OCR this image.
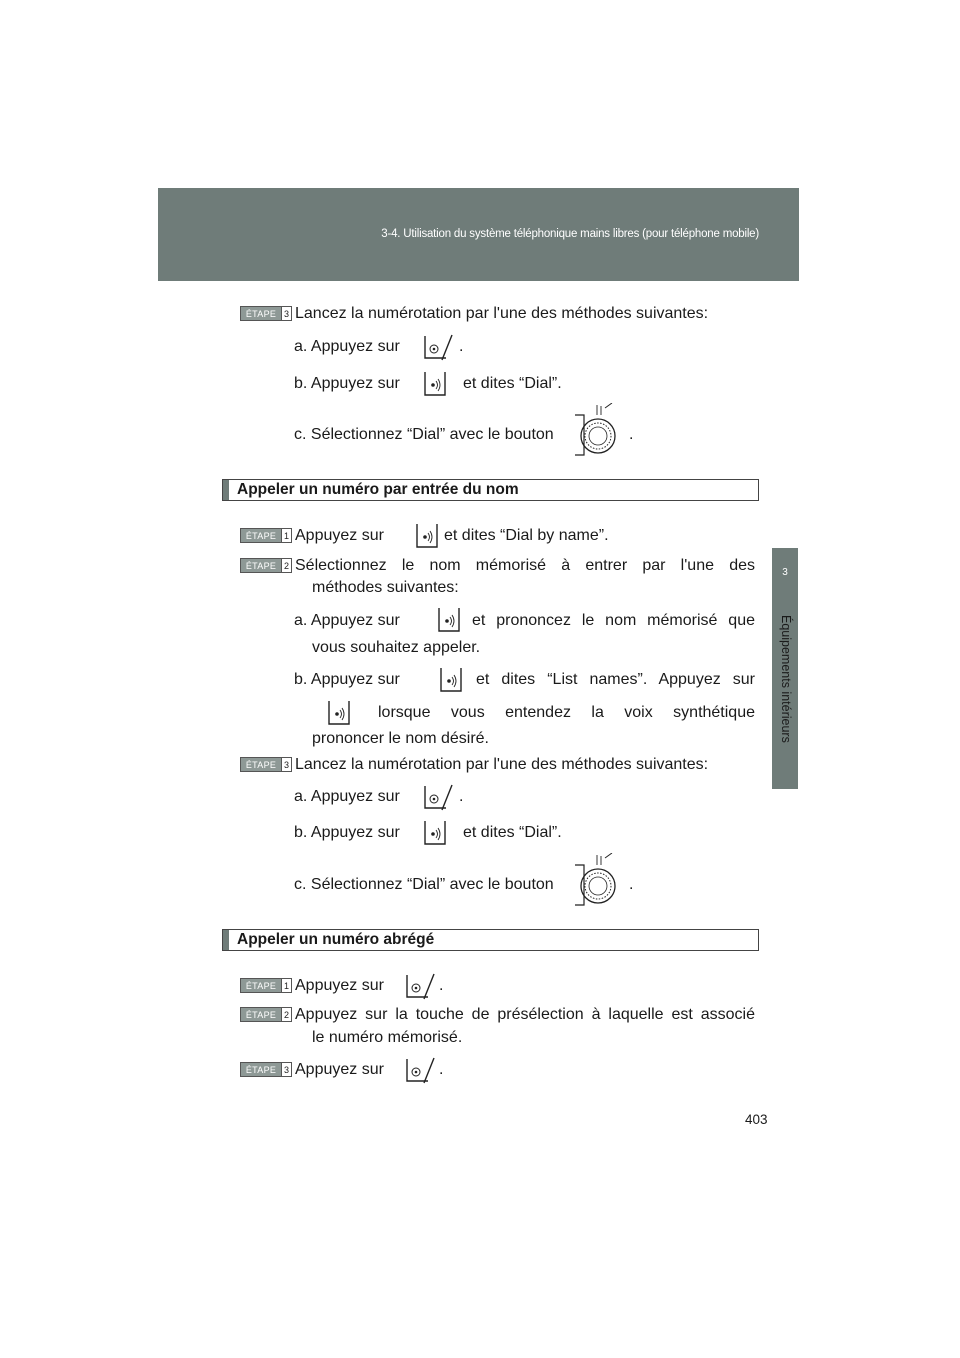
3-4. Utilisation du système téléphonique mains libres (pour téléphone mobile)
3
Équipements intérieurs
ÉTAPE 3 Lancez la numérotation par l'une des méthodes suivantes:
a. Appuyez sur	.
b. Appuyez sur	et dites “Dial”.
c. Sélectionnez “Dial” avec le bouton	.
Appeler un numéro par entrée du nom
ÉTAPE 1 Appuyez sur	et dites “Dial by name”.
ÉTAPE 2 Sélectionnez le nom mémorisé à entrer par l'une des
méthodes suivantes:
a. Appuyez sur	et prononcez le nom mémorisé que
vous souhaitez appeler.
b. Appuyez sur	et dites “List names”. Appuyez sur
lorsque vous entendez la voix synthétique
prononcer le nom désiré.
ÉTAPE 3 Lancez la numérotation par l'une des méthodes suivantes:
a. Appuyez sur	.
b. Appuyez sur	et dites “Dial”.
c. Sélectionnez “Dial” avec le bouton	.
Appeler un numéro abrégé
ÉTAPE 1 Appuyez sur	.
ÉTAPE 2 Appuyez sur la touche de présélection à laquelle est associé
le numéro mémorisé.
ÉTAPE 3 Appuyez sur	.
403
